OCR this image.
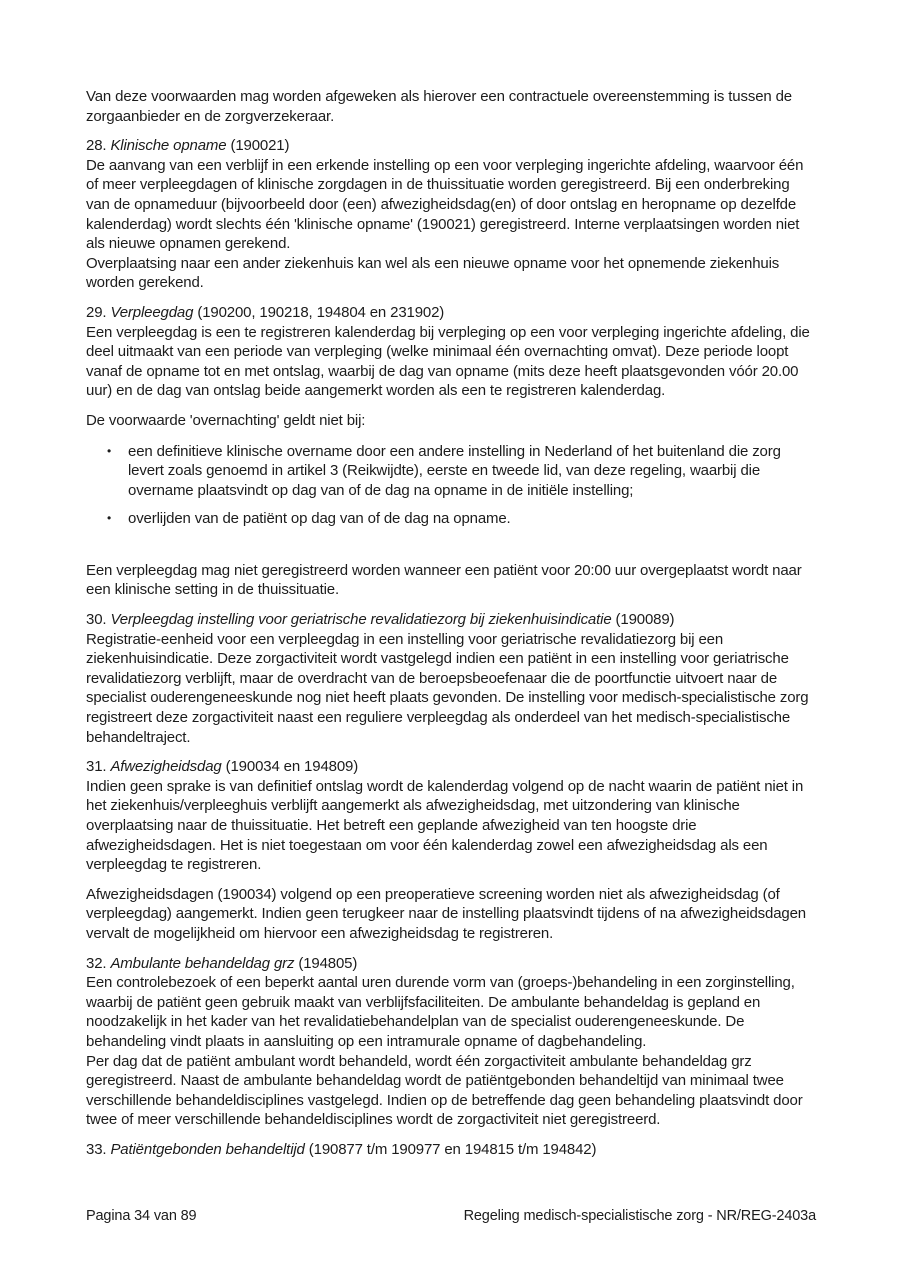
Van deze voorwaarden mag worden afgeweken als hierover een contractuele overeenstemming is tussen de zorgaanbieder en de zorgverzekeraar.

28. Klinische opname (190021)

De aanvang van een verblijf in een erkende instelling op een voor verpleging ingerichte afdeling, waarvoor één of meer verpleegdagen of klinische zorgdagen in de thuissituatie worden geregistreerd. Bij een onderbreking van de opnameduur (bijvoorbeeld door (een) afwezigheidsdag(en) of door ontslag en heropname op dezelfde kalenderdag) wordt slechts één 'klinische opname' (190021) geregistreerd. Interne verplaatsingen worden niet als nieuwe opnamen gerekend.

Overplaatsing naar een ander ziekenhuis kan wel als een nieuwe opname voor het opnemende ziekenhuis worden gerekend.

29. Verpleegdag (190200, 190218, 194804 en 231902)

Een verpleegdag is een te registreren kalenderdag bij verpleging op een voor verpleging ingerichte afdeling, die deel uitmaakt van een periode van verpleging (welke minimaal één overnachting omvat). Deze periode loopt vanaf de opname tot en met ontslag, waarbij de dag van opname (mits deze heeft plaatsgevonden vóór 20.00 uur) en de dag van ontslag beide aangemerkt worden als een te registreren kalenderdag.

De voorwaarde 'overnachting' geldt niet bij:

• een definitieve klinische overname door een andere instelling in Nederland of het buitenland die zorg levert zoals genoemd in artikel 3 (Reikwijdte), eerste en tweede lid, van deze regeling, waarbij die overname plaatsvindt op dag van of de dag na opname in de initiële instelling;
• overlijden van de patiënt op dag van of de dag na opname.

Een verpleegdag mag niet geregistreerd worden wanneer een patiënt voor 20:00 uur overgeplaatst wordt naar een klinische setting in de thuissituatie.

30. Verpleegdag instelling voor geriatrische revalidatiezorg bij ziekenhuisindicatie (190089)

Registratie-eenheid voor een verpleegdag in een instelling voor geriatrische revalidatiezorg bij een ziekenhuisindicatie. Deze zorgactiviteit wordt vastgelegd indien een patiënt in een instelling voor geriatrische revalidatiezorg verblijft, maar de overdracht van de beroepsbeoefenaar die de poortfunctie uitvoert naar de specialist ouderengeneeskunde nog niet heeft plaats gevonden. De instelling voor medisch-specialistische zorg registreert deze zorgactiviteit naast een reguliere verpleegdag als onderdeel van het medisch-specialistische behandeltraject.

31. Afwezigheidsdag (190034 en 194809)

Indien geen sprake is van definitief ontslag wordt de kalenderdag volgend op de nacht waarin de patiënt niet in het ziekenhuis/verpleeghuis verblijft aangemerkt als afwezigheidsdag, met uitzondering van klinische overplaatsing naar de thuissituatie. Het betreft een geplande afwezigheid van ten hoogste drie afwezigheidsdagen. Het is niet toegestaan om voor één kalenderdag zowel een afwezigheidsdag als een verpleegdag te registreren.

Afwezigheidsdagen (190034) volgend op een preoperatieve screening worden niet als afwezigheidsdag (of verpleegdag) aangemerkt. Indien geen terugkeer naar de instelling plaatsvindt tijdens of na afwezigheidsdagen vervalt de mogelijkheid om hiervoor een afwezigheidsdag te registreren.

32. Ambulante behandeldag grz (194805)

Een controlebezoek of een beperkt aantal uren durende vorm van (groeps-)behandeling in een zorginstelling, waarbij de patiënt geen gebruik maakt van verblijfsfaciliteiten. De ambulante behandeldag is gepland en noodzakelijk in het kader van het revalidatiebehandelplan van de specialist ouderengeneeskunde. De behandeling vindt plaats in aansluiting op een intramurale opname of dagbehandeling.

Per dag dat de patiënt ambulant wordt behandeld, wordt één zorgactiviteit ambulante behandeldag grz geregistreerd. Naast de ambulante behandeldag wordt de patiëntgebonden behandeltijd van minimaal twee verschillende behandeldisciplines vastgelegd. Indien op de betreffende dag geen behandeling plaatsvindt door twee of meer verschillende behandeldisciplines wordt de zorgactiviteit niet geregistreerd.

33. Patiëntgebonden behandeltijd (190877 t/m 190977 en 194815 t/m 194842)

Pagina 34 van 89	Regeling medisch-specialistische zorg - NR/REG-2403a
